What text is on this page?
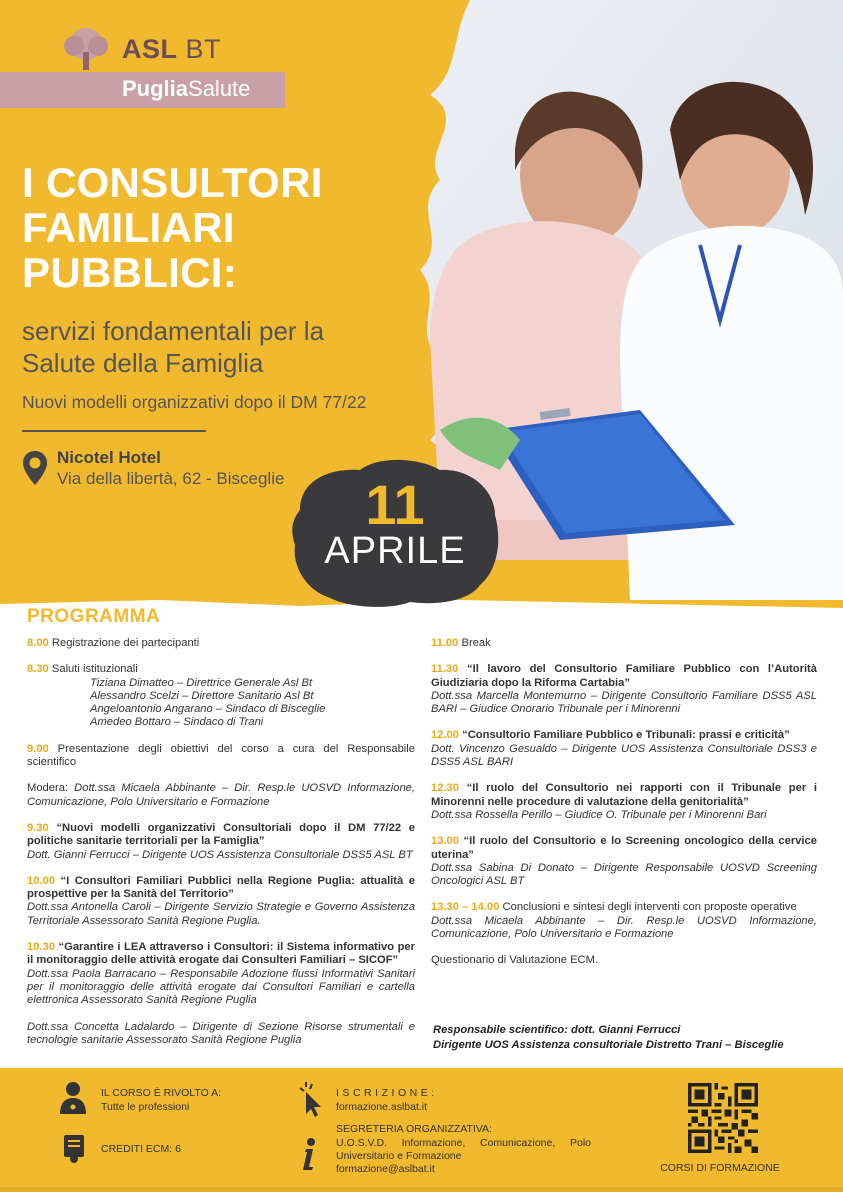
ASL BT
PugliaSalute
I CONSULTORI
FAMILIARI
PUBBLICI:
servizi fondamentali per la
Salute della Famiglia
Nuovi modelli organizzativi dopo il DM 77/22
Nicotel Hotel
Via della libertà, 62 - Bisceglie	11
APRILE
PROGRAMMA
8.00 Registrazione dei partecipanti
8.30 Saluti istituzionali
Tiziana Dimatteo – Direttrice Generale Asl Bt
Alessandro Scelzi – Direttore Sanitario Asl Bt
Angeloantonio Angarano – Sindaco di Bisceglie
Amedeo Bottaro – Sindaco di Trani
9.00 Presentazione degli obiettivi del corso a cura del Responsabile scientifico
Modera: Dott.ssa Micaela Abbinante – Dir. Resp.le UOSVD Informazione, Comunicazione, Polo Universitario e Formazione
9.30 “Nuovi modelli organizzativi Consultoriali dopo il DM 77/22 e politiche sanitarie territoriali per la Famiglia”
Dott. Gianni Ferrucci – Dirigente UOS Assistenza Consultoriale DSS5 ASL BT
10.00 “I Consultori Familiari Pubblici nella Regione Puglia: attualità e prospettive per la Sanità del Territorio”
Dott.ssa Antonella Caroli – Dirigente Servizio Strategie e Governo Assistenza Territoriale Assessorato Sanità Regione Puglia.
10.30 “Garantire i LEA attraverso i Consultori: il Sistema informativo per il monitoraggio delle attività erogate dai Consulteri Familiari – SICOF”
Dott.ssa Paola Barracano – Responsabile Adozione flussi Informativi Sanitari per il monitoraggio delle attività erogate dai Consultori Familiari e cartella elettronica Assessorato Sanità Regione Puglia
Dott.ssa Concetta Ladalardo – Dirigente di Sezione Risorse strumentali e tecnologie sanitarie Assessorato Sanità Regione Puglia
11.00 Break
11.30 “Il lavoro del Consultorio Familiare Pubblico con l’Autorità Giudiziaria dopo la Riforma Cartabia”
Dott.ssa Marcella Montemurno – Dirigente Consultorio Familiare DSS5 ASL BARI – Giudice Onorario Tribunale per i Minorenni
12.00 “Consultorio Familiare Pubblico e Tribunali: prassi e criticità”
Dott. Vincenzo Gesualdo – Dirigente UOS Assistenza Consultoriale DSS3 e DSS5 ASL BARI
12.30 “Il ruolo del Consultorio nei rapporti con il Tribunale per i Minorenni nelle procedure di valutazione della genitorialità”
Dott.ssa Rossella Perillo – Giudice O. Tribunale per i Minorenni Bari
13.00 “Il ruolo del Consultorio e lo Screening oncologico della cervice uterina”
Dott.ssa Sabina Di Donato – Dirigente Responsabile UOSVD Screening Oncologici ASL BT
13.30 – 14.00 Conclusioni e sintesi degli interventi con proposte operative
Dott.ssa Micaela Abbinante – Dir. Resp.le UOSVD Informazione, Comunicazione, Polo Universitario e Formazione
Questionario di Valutazione ECM.
Responsabile scientifico: dott. Gianni Ferrucci
Dirigente UOS Assistenza consultoriale Distretto Trani – Bisceglie
IL CORSO È RIVOLTO A:
Tutte le professioni
CREDITI ECM: 6
I S C R I Z I O N E :
formazione.aslbat.it
SEGRETERIA ORGANIZZATIVA:
U.O.S.V.D. Informazione, Comunicazione, Polo Universitario e Formazione
formazione@aslbat.it	CORSI DI FORMAZIONE
